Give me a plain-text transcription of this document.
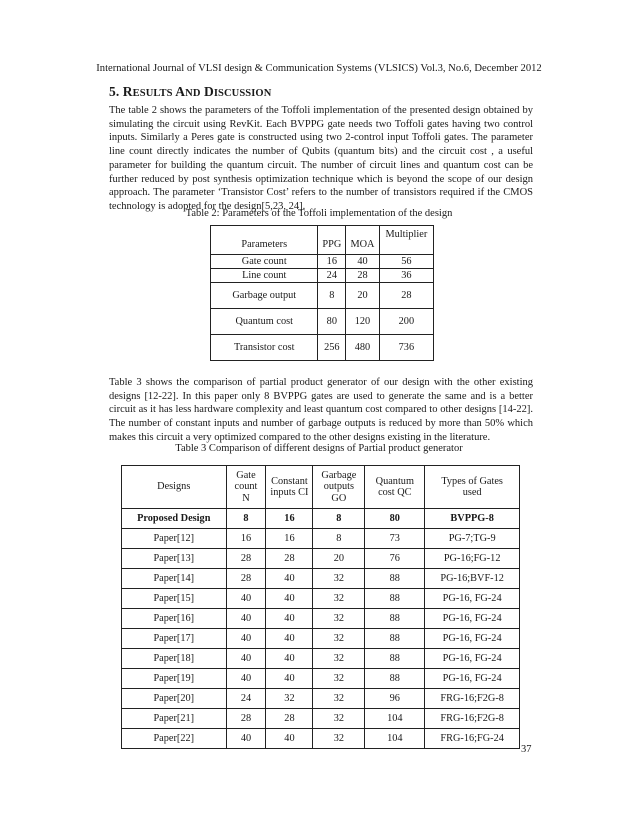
International Journal of VLSI design & Communication Systems (VLSICS) Vol.3, No.6, December 2012
5. RESULTS AND DISCUSSION

The table 2 shows the parameters of the Toffoli implementation of the presented design obtained by simulating the circuit using RevKit. Each BVPPG gate needs two Toffoli gates having two control inputs. Similarly a Peres gate is constructed using two 2-control input Toffoli gates. The parameter line count directly indicates the number of Qubits (quantum bits) and the circuit cost , a useful parameter for building the quantum circuit. The number of circuit lines and quantum cost can be further reduced by post synthesis optimization technique which is beyond the scope of our design approach. The parameter ‘Transistor Cost’ refers to the number of transistors required if the CMOS technology is adopted for the design[5,23, 24].

Table 2: Parameters of the Toffoli implementation of the design
Parameters	PPG	MOA	Multiplier
Gate count	16	40	56
Line count	24	28	36
Garbage output	8	20	28
Quantum cost	80	120	200
Transistor cost	256	480	736

Table 3 shows the comparison of partial product generator of our design with the other existing designs [12-22]. In this paper only 8 BVPPG gates are used to generate the same and is a better circuit as it has less hardware complexity and least quantum cost compared to other designs [14-22]. The number of constant inputs and number of garbage outputs is reduced by more than 50% which makes this circuit a very optimized compared to the other designs existing in the literature.

Table 3 Comparison of different designs of Partial product generator
Designs	Gate count N	Constant inputs CI	Garbage outputs GO	Quantum cost QC	Types of Gates used
Proposed Design	8	16	8	80	BVPPG-8
Paper[12]	16	16	8	73	PG-7;TG-9
Paper[13]	28	28	20	76	PG-16;FG-12
Paper[14]	28	40	32	88	PG-16;BVF-12
Paper[15]	40	40	32	88	PG-16, FG-24
Paper[16]	40	40	32	88	PG-16, FG-24
Paper[17]	40	40	32	88	PG-16, FG-24
Paper[18]	40	40	32	88	PG-16, FG-24
Paper[19]	40	40	32	88	PG-16, FG-24
Paper[20]	24	32	32	96	FRG-16;F2G-8
Paper[21]	28	28	32	104	FRG-16;F2G-8
Paper[22]	40	40	32	104	FRG-16;FG-24
37
